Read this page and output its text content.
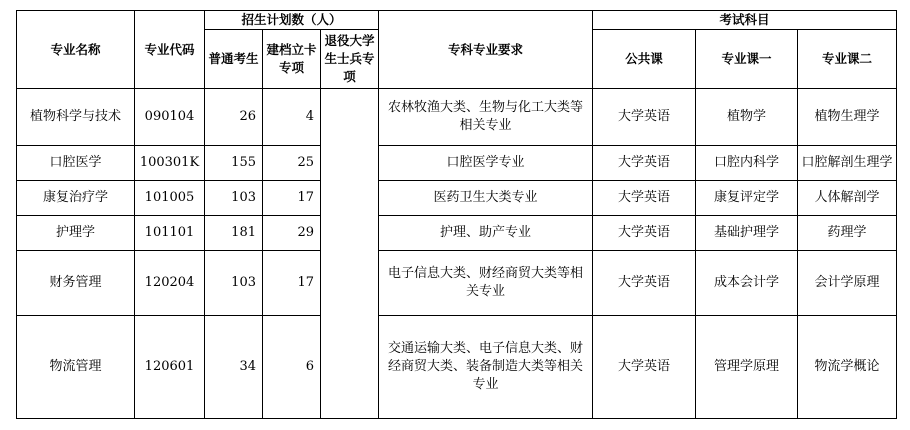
专业名称	专业代码	招生计划数（人）			专科专业要求	考试科目		
		普通考生	建档立卡专项	退役大学生士兵专项		公共课	专业课一	专业课二
植物科学与技术	090104	26	4		农林牧渔大类、生物与化工大类等相关专业	大学英语	植物学	植物生理学
口腔医学	100301K	155	25		口腔医学专业	大学英语	口腔内科学	口腔解剖生理学
康复治疗学	101005	103	17		医药卫生大类专业	大学英语	康复评定学	人体解剖学
护理学	101101	181	29		护理、助产专业	大学英语	基础护理学	药理学
财务管理	120204	103	17		电子信息大类、财经商贸大类等相关专业	大学英语	成本会计学	会计学原理
物流管理	120601	34	6		交通运输大类、电子信息大类、财经商贸大类、装备制造大类等相关专业	大学英语	管理学原理	物流学概论
